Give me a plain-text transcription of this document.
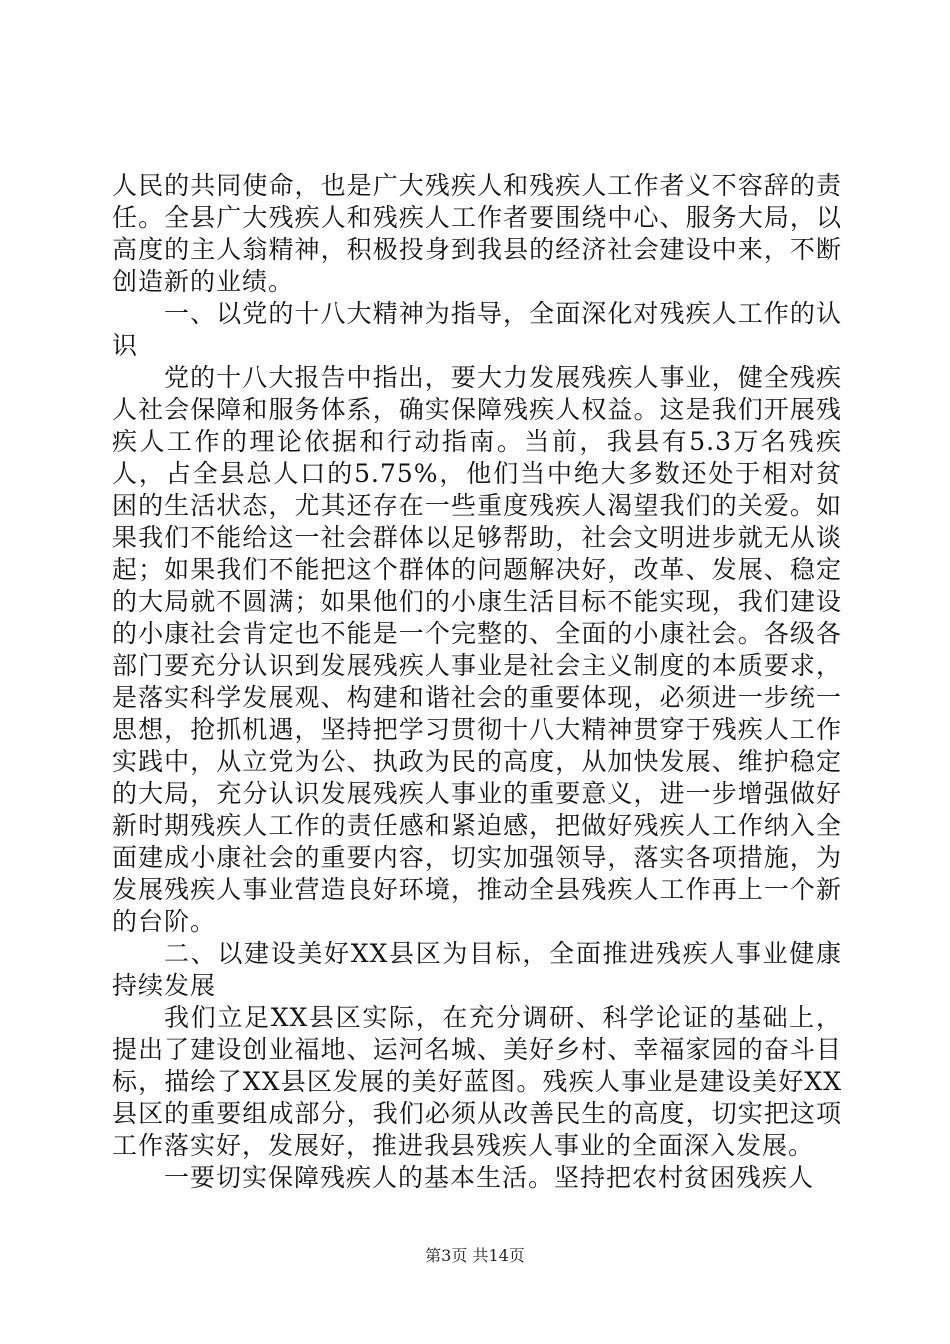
人民的共同使命，也是广大残疾人和残疾人工作者义不容辞的责任。全县广大残疾人和残疾人工作者要围绕中心、服务大局，以高度的主人翁精神，积极投身到我县的经济社会建设中来，不断创造新的业绩。

一、以党的十八大精神为指导，全面深化对残疾人工作的认识

党的十八大报告中指出，要大力发展残疾人事业，健全残疾人社会保障和服务体系，确实保障残疾人权益。这是我们开展残疾人工作的理论依据和行动指南。当前，我县有5.3万名残疾人，占全县总人口的5.75%，他们当中绝大多数还处于相对贫困的生活状态，尤其还存在一些重度残疾人渴望我们的关爱。如果我们不能给这一社会群体以足够帮助，社会文明进步就无从谈起；如果我们不能把这个群体的问题解决好，改革、发展、稳定的大局就不圆满；如果他们的小康生活目标不能实现，我们建设的小康社会肯定也不能是一个完整的、全面的小康社会。各级各部门要充分认识到发展残疾人事业是社会主义制度的本质要求，是落实科学发展观、构建和谐社会的重要体现，必须进一步统一思想，抢抓机遇，坚持把学习贯彻十八大精神贯穿于残疾人工作实践中，从立党为公、执政为民的高度，从加快发展、维护稳定的大局，充分认识发展残疾人事业的重要意义，进一步增强做好新时期残疾人工作的责任感和紧迫感，把做好残疾人工作纳入全面建成小康社会的重要内容，切实加强领导，落实各项措施，为发展残疾人事业营造良好环境，推动全县残疾人工作再上一个新的台阶。

二、以建设美好XX县区为目标，全面推进残疾人事业健康持续发展

我们立足XX县区实际，在充分调研、科学论证的基础上，提出了建设创业福地、运河名城、美好乡村、幸福家园的奋斗目标，描绘了XX县区发展的美好蓝图。残疾人事业是建设美好XX县区的重要组成部分，我们必须从改善民生的高度，切实把这项工作落实好，发展好，推进我县残疾人事业的全面深入发展。

一要切实保障残疾人的基本生活。坚持把农村贫困残疾人

第3页 共14页
